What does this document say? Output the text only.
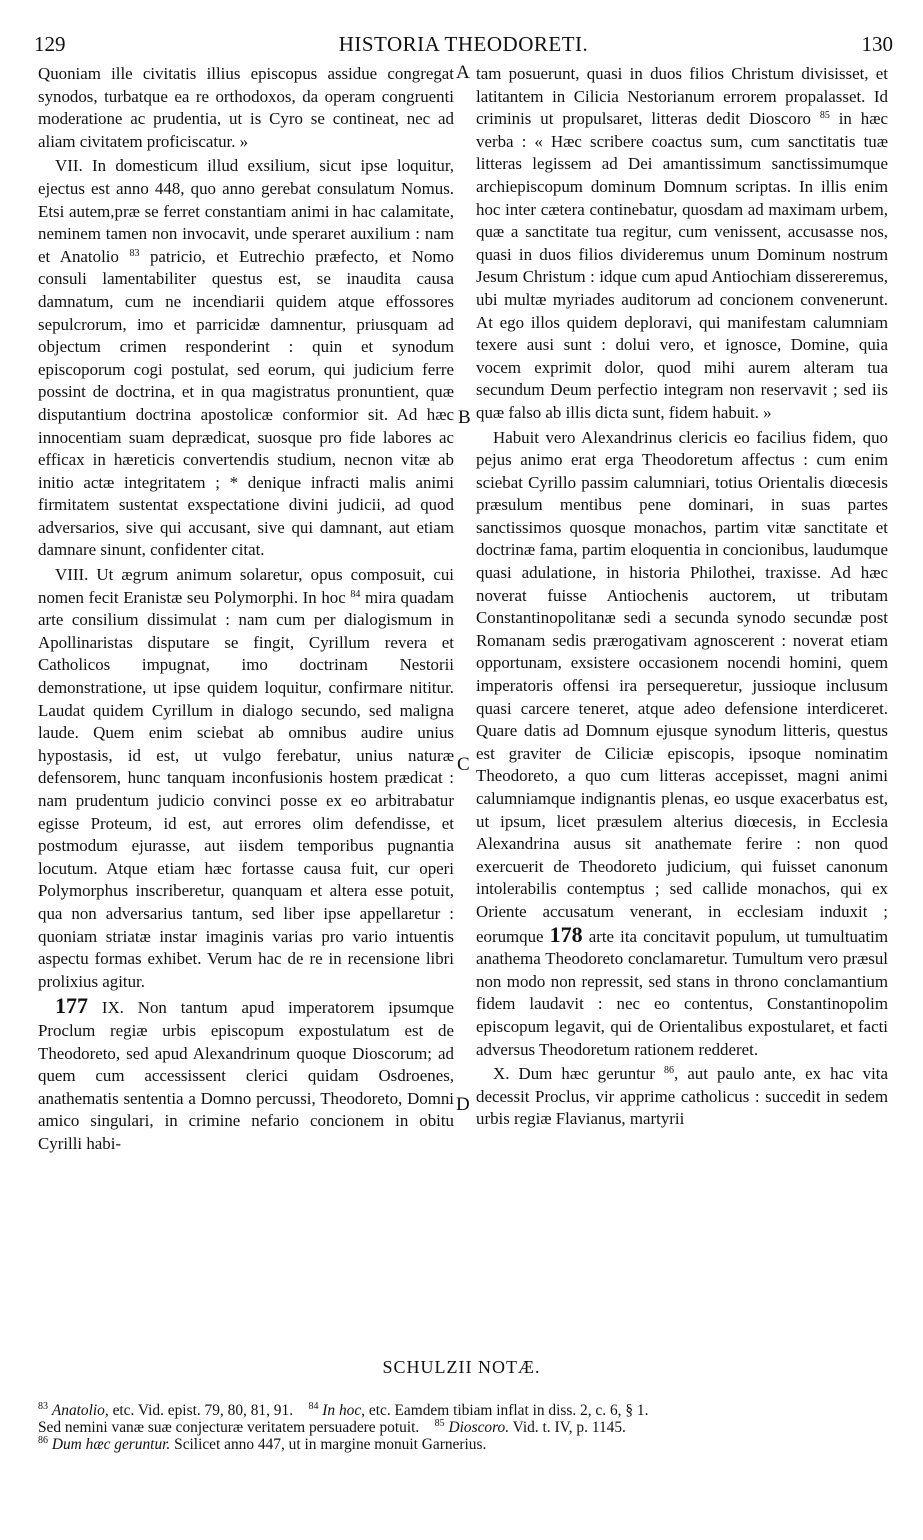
129	HISTORIA THEODORETI.	130

Quoniam ille civitatis illius episcopus assidue congregat synodos, turbatque ea re orthodoxos, da operam congruenti moderatione ac prudentia, ut is Cyro se contineat, nec ad aliam civitatem proficiscatur. »

VII. In domesticum illud exsilium, sicut ipse loquitur, ejectus est anno 448, quo anno gerebat consulatum Nomus. Etsi autem,præ se ferret constantiam animi in hac calamitate, neminem tamen non invocavit, unde speraret auxilium : nam et Anatolio $^{83}$ patricio, et Eutrechio præfecto, et Nomo consuli lamentabiliter questus est, se inaudita causa damnatum, cum ne incendiarii quidem atque effossores sepulcrorum, imo et parricidæ damnentur, priusquam ad objectum crimen responderint : quin et synodum episcoporum cogi postulat, sed eorum, qui judicium ferre possint de doctrina, et in qua magistratus pronuntient, quæ disputantium doctrina apostolicæ conformior sit. Ad hæc innocentiam suam deprædicat, suosque pro fide labores ac efficax in hæreticis convertendis studium, necnon vitæ ab initio actæ integritatem ; * denique infracti malis animi firmitatem sustentat exspectatione divini judicii, ad quod adversarios, sive qui accusant, sive qui damnant, aut etiam damnare sinunt, confidenter citat.

VIII. Ut ægrum animum solaretur, opus composuit, cui nomen fecit Eranistæ seu Polymorphi. In hoc $^{84}$ mira quadam arte consilium dissimulat : nam cum per dialogismum in Apollinaristas disputare se fingit, Cyrillum revera et Catholicos impugnat, imo doctrinam Nestorii demonstratione, ut ipse quidem loquitur, confirmare nititur. Laudat quidem Cyrillum in dialogo secundo, sed maligna laude. Quem enim sciebat ab omnibus audire unius hypostasis, id est, ut vulgo ferebatur, unius naturæ defensorem, hunc tanquam inconfusionis hostem prædicat : nam prudentum judicio convinci posse ex eo arbitrabatur egisse Proteum, id est, aut errores olim defendisse, et postmodum ejurasse, aut iisdem temporibus pugnantia locutum. Atque etiam hæc fortasse causa fuit, cur operi Polymorphus inscriberetur, quanquam et altera esse potuit, qua non adversarius tantum, sed liber ipse appellaretur : quoniam striatæ instar imaginis varias pro vario intuentis aspectu formas exhibet. Verum hac de re in recensione libri prolixius agitur.

177 IX. Non tantum apud imperatorem ipsumque Proclum regiæ urbis episcopum expostulatum est de Theodoreto, sed apud Alexandrinum quoque Dioscorum; ad quem cum accessissent clerici quidam Osdroenes, anathematis sententia a Domno percussi, Theodoreto, Domni amico singulari, in crimine nefario concionem in obitu Cyrilli habi-

A
B
C
D

tam posuerunt, quasi in duos filios Christum divisisset, et latitantem in Cilicia Nestorianum errorem propalasset. Id criminis ut propulsaret, litteras dedit Dioscoro $^{85}$ in hæc verba : « Hæc scribere coactus sum, cum sanctitatis tuæ litteras legissem ad Dei amantissimum sanctissimumque archiepiscopum dominum Domnum scriptas. In illis enim hoc inter cætera continebatur, quosdam ad maximam urbem, quæ a sanctitate tua regitur, cum venissent, accusasse nos, quasi in duos filios divideremus unum Dominum nostrum Jesum Christum : idque cum apud Antiochiam dissereremus, ubi multæ myriades auditorum ad concionem convenerunt. At ego illos quidem deploravi, qui manifestam calumniam texere ausi sunt : dolui vero, et ignosce, Domine, quia vocem exprimit dolor, quod mihi aurem alteram tua secundum Deum perfectio integram non reservavit ; sed iis quæ falso ab illis dicta sunt, fidem habuit. »

Habuit vero Alexandrinus clericis eo facilius fidem, quo pejus animo erat erga Theodoretum affectus : cum enim sciebat Cyrillo passim calumniari, totius Orientalis diœcesis præsulum mentibus pene dominari, in suas partes sanctissimos quosque monachos, partim vitæ sanctitate et doctrinæ fama, partim eloquentia in concionibus, laudumque quasi adulatione, in historia Philothei, traxisse. Ad hæc noverat fuisse Antiochenis auctorem, ut tributam Constantinopolitanæ sedi a secunda synodo secundæ post Romanam sedis prærogativam agnoscerent : noverat etiam opportunam, exsistere occasionem nocendi homini, quem imperatoris offensi ira persequeretur, jussioque inclusum quasi carcere teneret, atque adeo defensione interdiceret. Quare datis ad Domnum ejusque synodum litteris, questus est graviter de Ciliciæ episcopis, ipsoque nominatim Theodoreto, a quo cum litteras accepisset, magni animi calumniamque indignantis plenas, eo usque exacerbatus est, ut ipsum, licet præsulem alterius diœcesis, in Ecclesia Alexandrina ausus sit anathemate ferire : non quod exercuerit de Theodoreto judicium, qui fuisset canonum intolerabilis contemptus ; sed callide monachos, qui ex Oriente accusatum venerant, in ecclesiam induxit ; eorumque 178 arte ita concitavit populum, ut tumultuatim anathema Theodoreto conclamaretur. Tumultum vero præsul non modo non repressit, sed stans in throno conclamantium fidem laudavit : nec eo contentus, Constantinopolim episcopum legavit, qui de Orientalibus expostularet, et facti adversus Theodoretum rationem redderet.

X. Dum hæc geruntur $^{86}$, aut paulo ante, ex hac vita decessit Proclus, vir apprime catholicus : succedit in sedem urbis regiæ Flavianus, martyrii

SCHULZII NOTÆ.
$^{83}$ Anatolio, etc. Vid. epist. 79, 80, 81, 91. $^{84}$ In hoc, etc. Eamdem tibiam inflat in diss. 2, c. 6, § 1.
Sed nemini vanæ suæ conjecturæ veritatem persuadere potuit. $^{85}$ Dioscoro. Vid. t. IV, p. 1145.
$^{86}$ Dum hæc geruntur. Scilicet anno 447, ut in margine monuit Garnerius.
